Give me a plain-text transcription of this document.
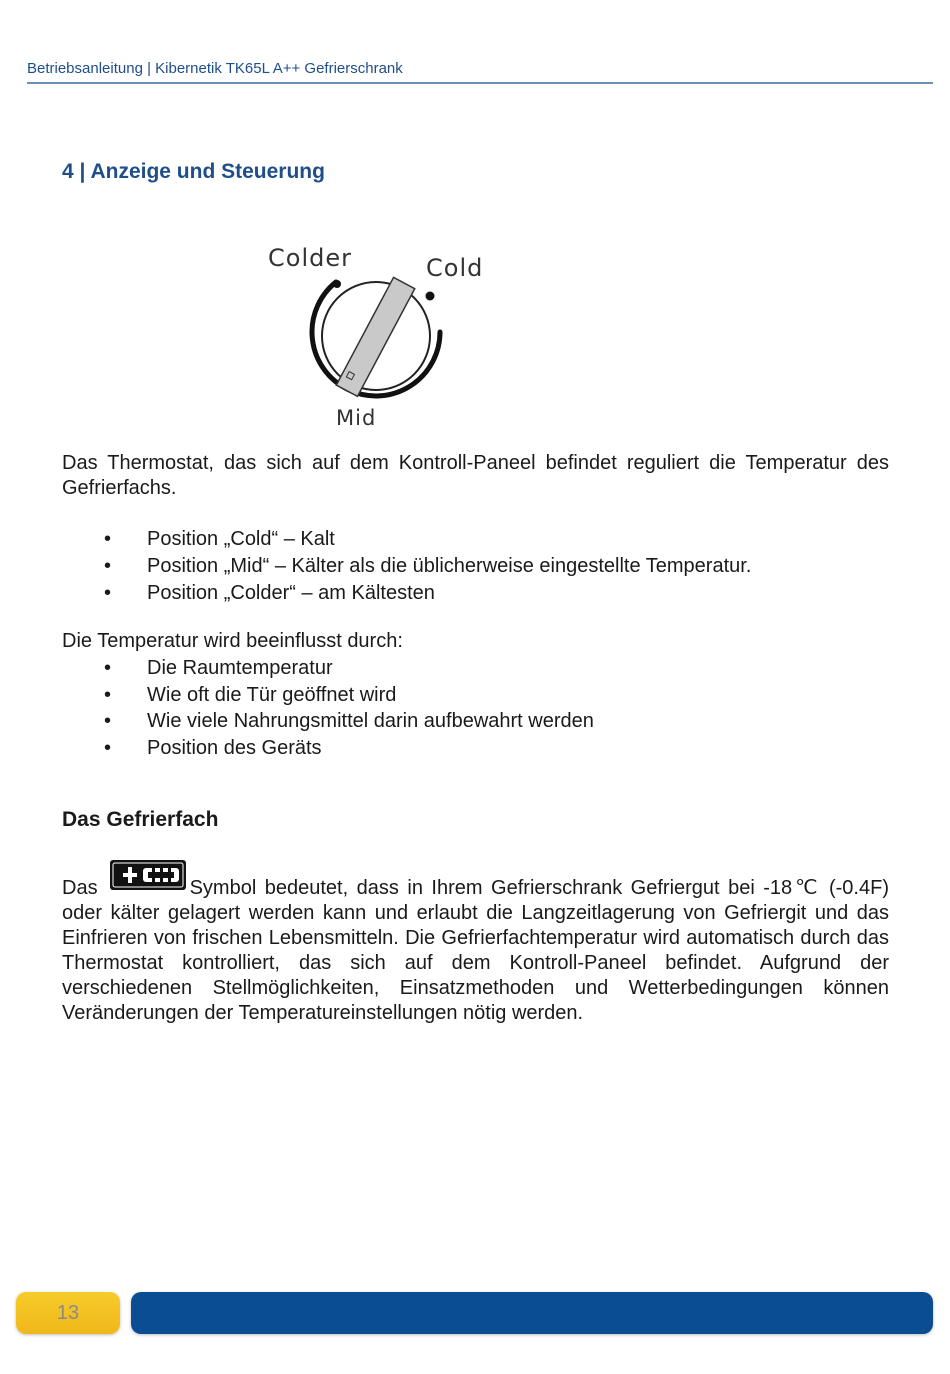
Betriebsanleitung | Kibernetik TK65L A++ Gefrierschrank
4 | Anzeige und Steuerung
Colder	Cold
Mid

Das Thermostat, das sich auf dem Kontroll-Paneel befindet reguliert die Temperatur des Gefrierfachs.

• Position „Cold“ – Kalt
• Position „Mid“ – Kälter als die üblicherweise eingestellte Temperatur.
• Position „Colder“ – am Kältesten

Die Temperatur wird beeinflusst durch:

• Die Raumtemperatur
• Wie oft die Tür geöffnet wird
• Wie viele Nahrungsmittel darin aufbewahrt werden
• Position des Geräts
Das Gefrierfach

Das	Symbol bedeutet, dass in Ihrem Gefrierschrank Gefriergut bei -18℃ (-0.4F) oder kälter gelagert werden kann und erlaubt die Langzeitlagerung von Gefriergit und das Einfrieren von frischen Lebensmitteln. Die Gefrierfachtemperatur wird automatisch durch das Thermostat kontrolliert, das sich auf dem Kontroll-Paneel befindet. Aufgrund der verschiedenen Stellmöglichkeiten, Einsatzmethoden und Wetterbedingungen können Veränderungen der Temperatureinstellungen nötig werden.

13
